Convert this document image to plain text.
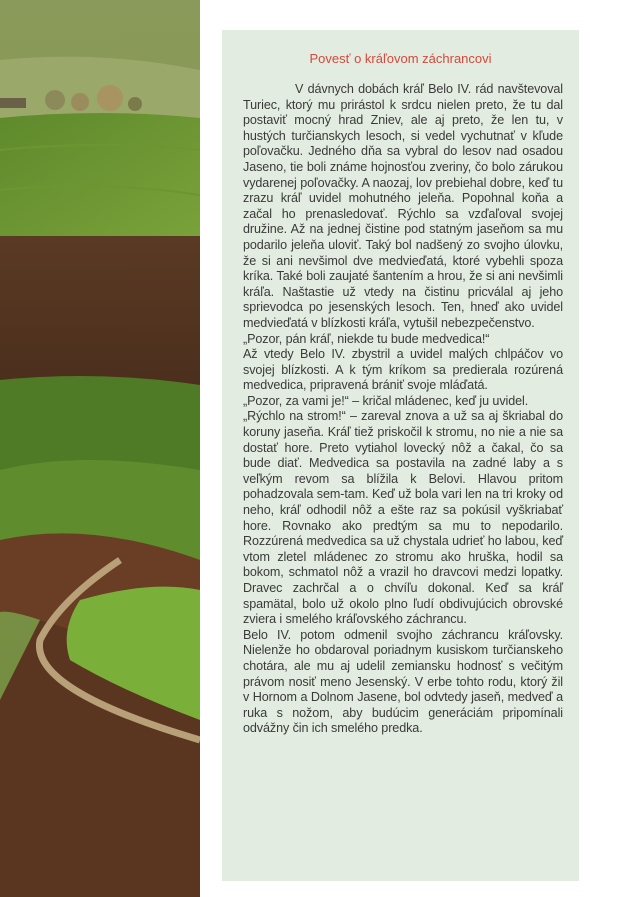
Povesť o kráľovom záchrancovi

V dávnych dobách kráľ Belo IV. rád navštevoval Turiec, ktorý mu prirástol k srdcu nielen preto, že tu dal postaviť mocný hrad Zniev, ale aj preto, že len tu, v hustých turčianskych lesoch, si vedel vychutnať v kľude poľovačku. Jedného dňa sa vybral do lesov nad osadou Jaseno, tie boli známe hojnosťou zveriny, čo bolo zárukou vydarenej poľovačky. A naozaj, lov prebiehal dobre, keď tu zrazu kráľ uvidel mohutného jeleňa. Popohnal koňa a začal ho prenasledovať. Rýchlo sa vzďaľoval svojej družine. Až na jednej čistine pod statným jaseňom sa mu podarilo jeleňa uloviť. Taký bol nadšený zo svojho úlovku, že si ani nevšimol dve medvieďatá, ktoré vybehli spoza kríka. Také boli zaujaté šantením a hrou, že si ani nevšimli kráľa. Naštastie už vtedy na čistinu pricválal aj jeho sprievodca po jesenských lesoch. Ten, hneď ako uvidel medvieďatá v blízkosti kráľa, vytušil nebezpečenstvo.

„Pozor, pán kráľ, niekde tu bude medvedica!“

Až vtedy Belo IV. zbystril a uvidel malých chlpáčov vo svojej blízkosti. A k tým kríkom sa predierala rozúrená medvedica, pripravená brániť svoje mláďatá.

„Pozor, za vami je!“ – kričal mládenec, keď ju uvidel.

„Rýchlo na strom!“ – zareval znova a už sa aj škriabal do koruny jaseňa. Kráľ tiež priskočil k stromu, no nie a nie sa dostať hore. Preto vytiahol lovecký nôž a čakal, čo sa bude diať. Medvedica sa postavila na zadné laby a s veľkým revom sa blížila k Belovi. Hlavou pritom pohadzovala sem-tam. Keď už bola vari len na tri kroky od neho, kráľ odhodil nôž a ešte raz sa pokúsil vyškriabať hore. Rovnako ako predtým sa mu to nepodarilo. Rozzúrená medvedica sa už chystala udrieť ho labou, keď vtom zletel mládenec zo stromu ako hruška, hodil sa bokom, schmatol nôž a vrazil ho dravcovi medzi lopatky. Dravec zachrčal a o chvíľu dokonal. Keď sa kráľ spamätal, bolo už okolo plno ľudí obdivujúcich obrovské zviera i smelého kráľovského záchrancu.

Belo IV. potom odmenil svojho záchrancu kráľovsky. Nielenže ho obdaroval poriadnym kusiskom turčianskeho chotára, ale mu aj udelil zemiansku hodnosť s večitým právom nosiť meno Jesenský. V erbe tohto rodu, ktorý žil v Hornom a Dolnom Jasene, bol odvtedy jaseň, medveď a ruka s nožom, aby budúcim generáciám pripomínali odvážny čin ich smelého predka.
